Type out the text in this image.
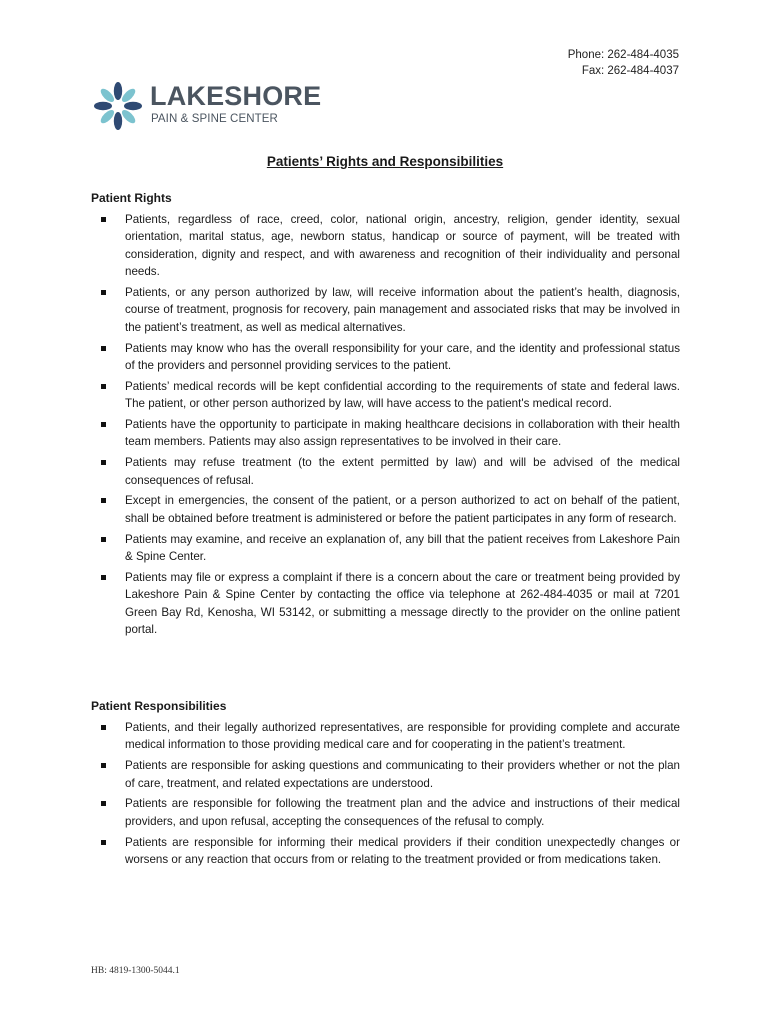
Phone: 262-484-4035
Fax: 262-484-4037
LAKESHORE
PAIN & SPINE CENTER
Patients’ Rights and Responsibilities
Patient Rights
Patients, regardless of race, creed, color, national origin, ancestry, religion, gender identity, sexual orientation, marital status, age, newborn status, handicap or source of payment, will be treated with consideration, dignity and respect, and with awareness and recognition of their individuality and personal needs.
Patients, or any person authorized by law, will receive information about the patient’s health, diagnosis, course of treatment, prognosis for recovery, pain management and associated risks that may be involved in the patient’s treatment, as well as medical alternatives.
Patients may know who has the overall responsibility for your care, and the identity and professional status of the providers and personnel providing services to the patient.
Patients’ medical records will be kept confidential according to the requirements of state and federal laws. The patient, or other person authorized by law, will have access to the patient's medical record.
Patients have the opportunity to participate in making healthcare decisions in collaboration with their health team members. Patients may also assign representatives to be involved in their care.
Patients may refuse treatment (to the extent permitted by law) and will be advised of the medical consequences of refusal.
Except in emergencies, the consent of the patient, or a person authorized to act on behalf of the patient, shall be obtained before treatment is administered or before the patient participates in any form of research.
Patients may examine, and receive an explanation of, any bill that the patient receives from Lakeshore Pain & Spine Center.
Patients may file or express a complaint if there is a concern about the care or treatment being provided by Lakeshore Pain & Spine Center by contacting the office via telephone at 262-484-4035 or mail at 7201 Green Bay Rd, Kenosha, WI 53142, or submitting a message directly to the provider on the online patient portal.
Patient Responsibilities
Patients, and their legally authorized representatives, are responsible for providing complete and accurate medical information to those providing medical care and for cooperating in the patient’s treatment.
Patients are responsible for asking questions and communicating to their providers whether or not the plan of care, treatment, and related expectations are understood.
Patients are responsible for following the treatment plan and the advice and instructions of their medical providers, and upon refusal, accepting the consequences of the refusal to comply.
Patients are responsible for informing their medical providers if their condition unexpectedly changes or worsens or any reaction that occurs from or relating to the treatment provided or from medications taken.
HB: 4819-1300-5044.1
